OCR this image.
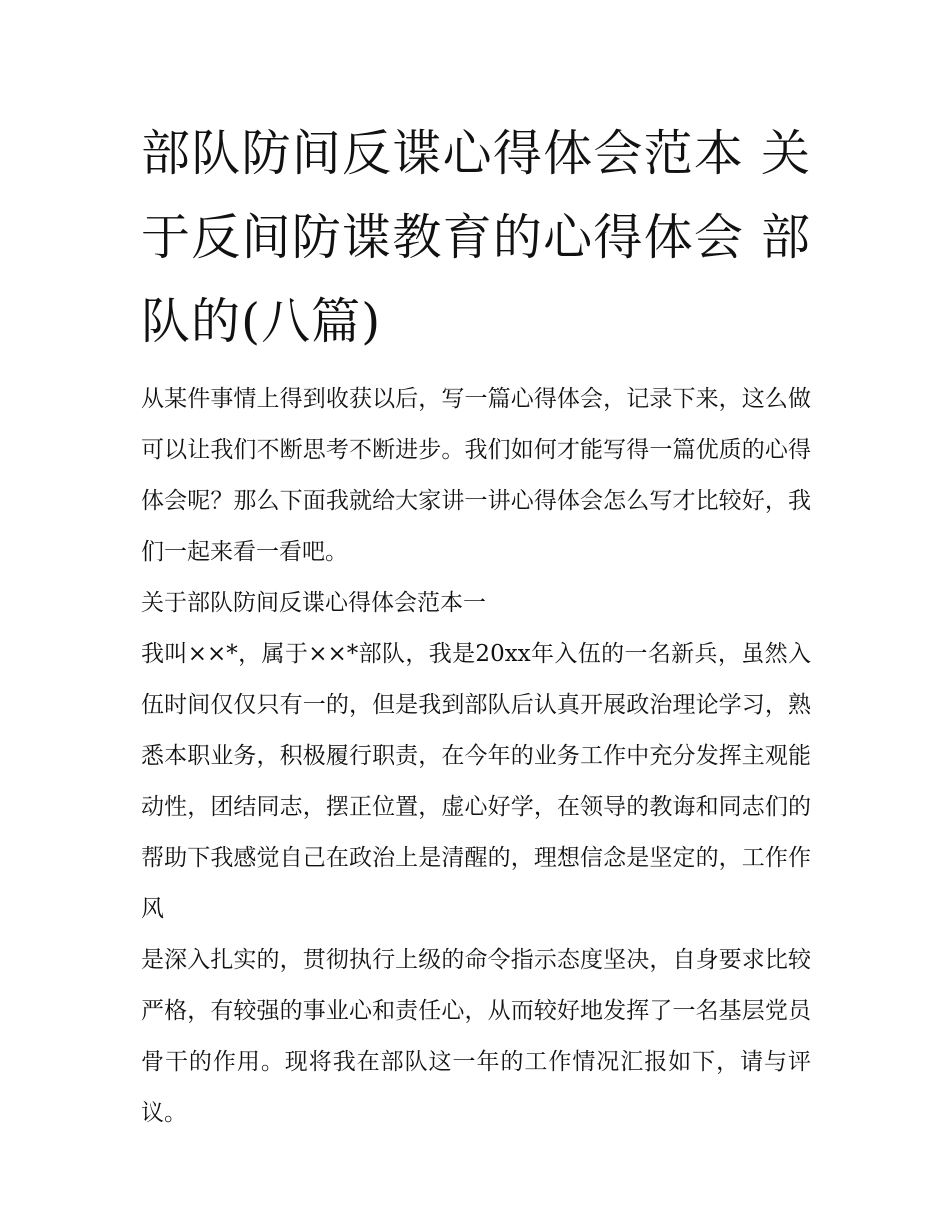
部队防间反谍心得体会范本 关于反间防谍教育的心得体会 部队的(八篇)

从某件事情上得到收获以后，写一篇心得体会，记录下来，这么做可以让我们不断思考不断进步。我们如何才能写得一篇优质的心得体会呢？那么下面我就给大家讲一讲心得体会怎么写才比较好，我们一起来看一看吧。

关于部队防间反谍心得体会范本一

我叫××*，属于××*部队，我是20xx年入伍的一名新兵，虽然入伍时间仅仅只有一的，但是我到部队后认真开展政治理论学习，熟悉本职业务，积极履行职责，在今年的业务工作中充分发挥主观能动性，团结同志，摆正位置，虚心好学，在领导的教诲和同志们的帮助下我感觉自己在政治上是清醒的，理想信念是坚定的，工作作风

是深入扎实的，贯彻执行上级的命令指示态度坚决，自身要求比较严格，有较强的事业心和责任心，从而较好地发挥了一名基层党员骨干的作用。现将我在部队这一年的工作情况汇报如下，请与评议。
